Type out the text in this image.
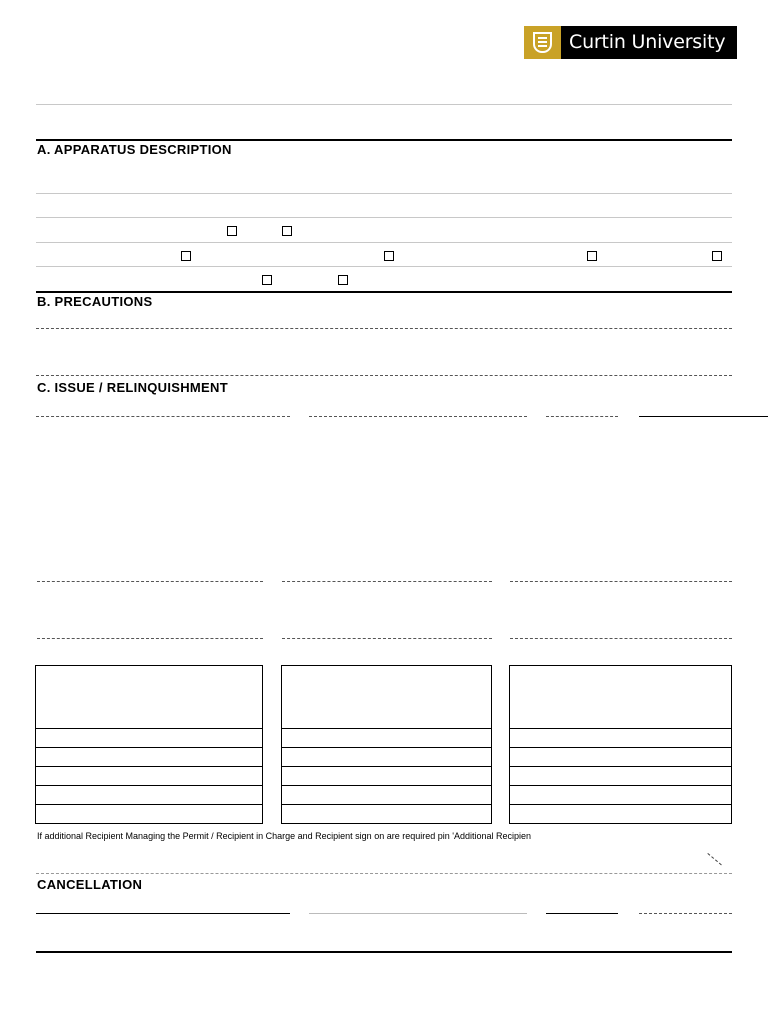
Curtin University
A. APPARATUS DESCRIPTION
B. PRECAUTIONS
C. ISSUE / RELINQUISHMENT
If additional Recipient Managing the Permit / Recipient in Charge and Recipient sign on are required pin 'Additional Recipien
CANCELLATION
